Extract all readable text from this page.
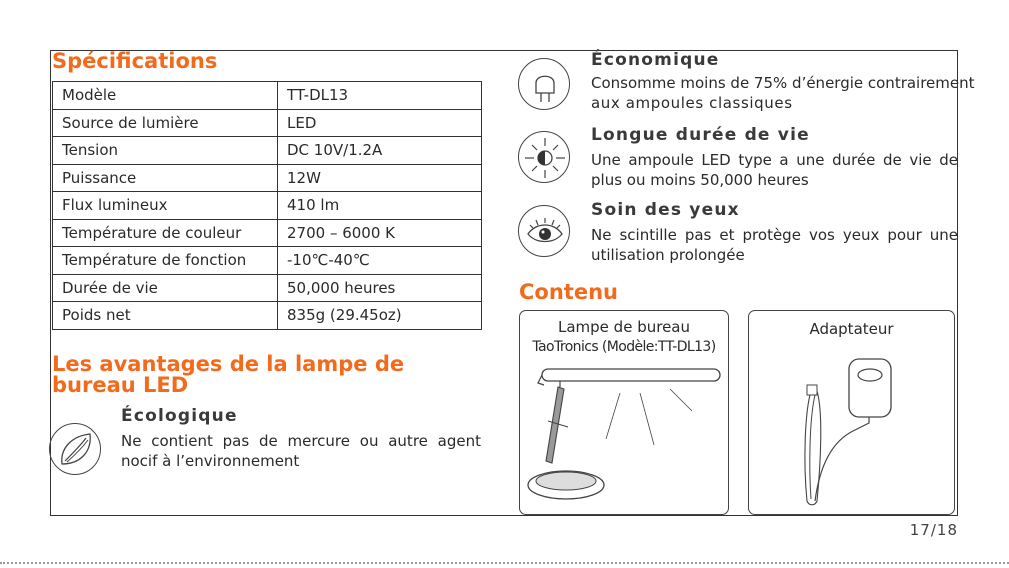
Spécifications
Modèle	TT-DL13
Source de lumière	LED
Tension	DC 10V/1.2A
Puissance	12W
Flux lumineux	410 lm
Température de couleur	2700 – 6000 K
Température de fonction	-10℃-40℃
Durée de vie	50,000 heures
Poids net	835g (29.45oz)
Les avantages de la lampe de
bureau LED
Écologique
Ne contient pas de mercure ou autre agent
nocif à l’environnement
Économique
Consomme moins de 75% d’énergie contrairement
aux ampoules classiques
Longue durée de vie
Une ampoule LED type a une durée de vie de
plus ou moins 50,000 heures
Soin des yeux
Ne scintille pas et protège vos yeux pour une
utilisation prolongée
Contenu
Lampe de bureau
TaoTronics (Modèle:TT-DL13)
Adaptateur
17/18
